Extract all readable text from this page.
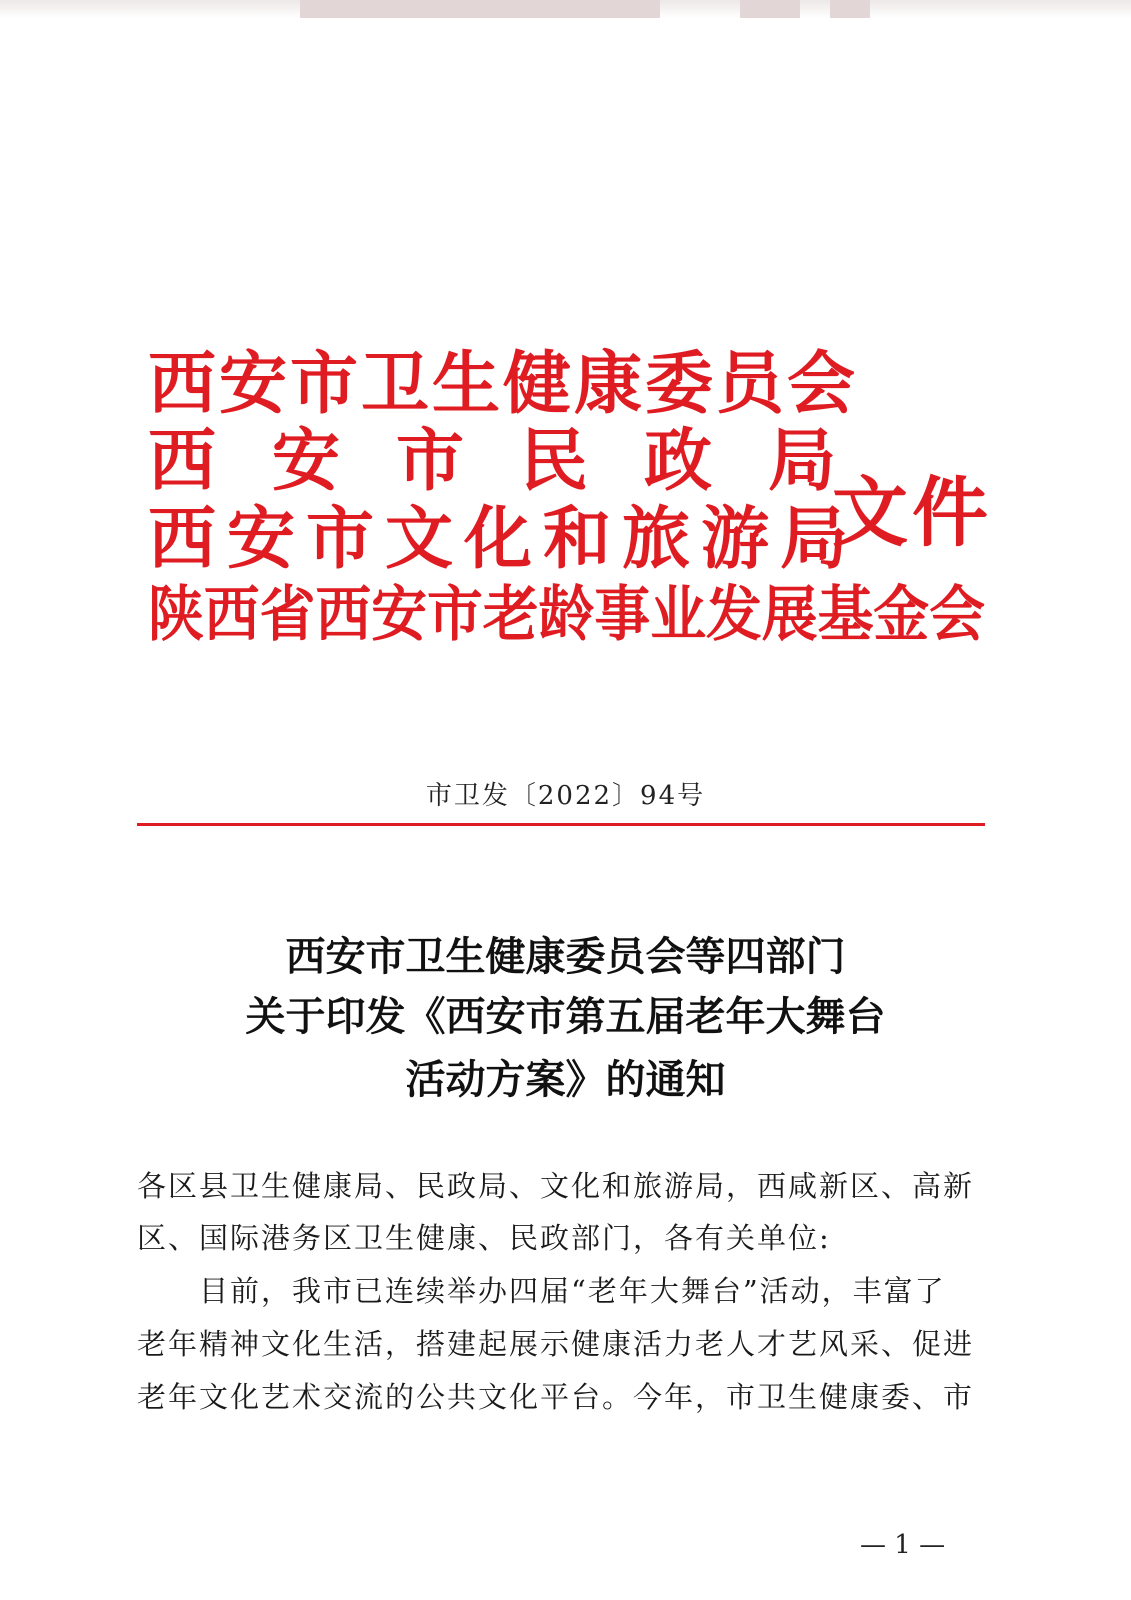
西安市卫生健康委员会
西安市民政局
西安市文化和旅游局
陕西省西安市老龄事业发展基金会
文件
市卫发〔2022〕94号
西安市卫生健康委员会等四部门
关于印发《西安市第五届老年大舞台
活动方案》的通知
各区县卫生健康局、民政局、文化和旅游局，西咸新区、高新
区、国际港务区卫生健康、民政部门，各有关单位:
　　目前，我市已连续举办四届“老年大舞台”活动，丰富了
老年精神文化生活，搭建起展示健康活力老人才艺风采、促进
老年文化艺术交流的公共文化平台。今年，市卫生健康委、市
— 1 —
